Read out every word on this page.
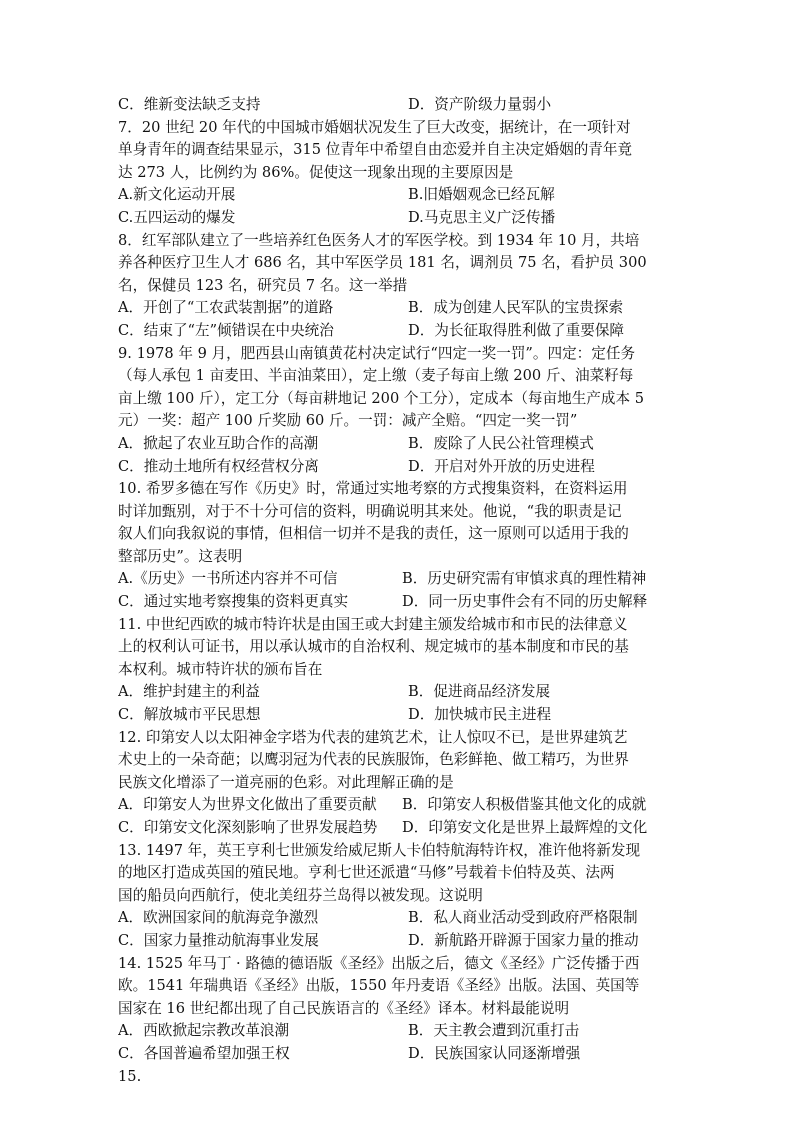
C．维新变法缺乏支持	D．资产阶级力量弱小
7．20 世纪 20 年代的中国城市婚姻状况发生了巨大改变，据统计，在一项针对
单身青年的调查结果显示，315 位青年中希望自由恋爱并自主决定婚姻的青年竟
达 273 人，比例约为 86%。促使这一现象出现的主要原因是
A.新文化运动开展	B.旧婚姻观念已经瓦解
C.五四运动的爆发	D.马克思主义广泛传播
8．红军部队建立了一些培养红色医务人才的军医学校。到 1934 年 10 月，共培
养各种医疗卫生人才 686 名，其中军医学员 181 名，调剂员 75 名，看护员 300
名，保健员 123 名，研究员 7 名。这一举措
A．开创了“工农武装割据”的道路	B．成为创建人民军队的宝贵探索
C．结束了“左”倾错误在中央统治	D．为长征取得胜利做了重要保障
9. 1978 年 9 月，肥西县山南镇黄花村决定试行“四定一奖一罚”。四定：定任务
（每人承包 1 亩麦田、半亩油菜田），定上缴（麦子每亩上缴 200 斤、油菜籽每
亩上缴 100 斤），定工分（每亩耕地记 200 个工分），定成本（每亩地生产成本 5
元）一奖：超产 100 斤奖励 60 斤。一罚：减产全赔。“四定一奖一罚”
A．掀起了农业互助合作的高潮	B．废除了人民公社管理模式
C．推动土地所有权经营权分离	D．开启对外开放的历史进程
10. 希罗多德在写作《历史》时，常通过实地考察的方式搜集资料，在资料运用
时详加甄别，对于不十分可信的资料，明确说明其来处。他说，“我的职责是记
叙人们向我叙说的事情，但相信一切并不是我的责任，这一原则可以适用于我的
整部历史”。这表明
A.《历史》一书所述内容并不可信	B．历史研究需有审慎求真的理性精神
C．通过实地考察搜集的资料更真实	D．同一历史事件会有不同的历史解释
11. 中世纪西欧的城市特许状是由国王或大封建主颁发给城市和市民的法律意义
上的权利认可证书，用以承认城市的自治权利、规定城市的基本制度和市民的基
本权利。城市特许状的颁布旨在
A．维护封建主的利益	B．促进商品经济发展
C．解放城市平民思想	D．加快城市民主进程
12. 印第安人以太阳神金字塔为代表的建筑艺术，让人惊叹不已，是世界建筑艺
术史上的一朵奇葩；以鹰羽冠为代表的民族服饰，色彩鲜艳、做工精巧，为世界
民族文化增添了一道亮丽的色彩。对此理解正确的是
A．印第安人为世界文化做出了重要贡献	B．印第安人积极借鉴其他文化的成就
C．印第安文化深刻影响了世界发展趋势	D．印第安文化是世界上最辉煌的文化
13. 1497 年，英王亨利七世颁发给威尼斯人卡伯特航海特许权，准许他将新发现
的地区打造成英国的殖民地。亨利七世还派遣“马修”号载着卡伯特及英、法两
国的船员向西航行，使北美纽芬兰岛得以被发现。这说明
A．欧洲国家间的航海竞争激烈	B．私人商业活动受到政府严格限制
C．国家力量推动航海事业发展	D．新航路开辟源于国家力量的推动
14. 1525 年马丁 · 路德的德语版《圣经》出版之后，德文《圣经》广泛传播于西
欧。1541 年瑞典语《圣经》出版，1550 年丹麦语《圣经》出版。法国、英国等
国家在 16 世纪都出现了自己民族语言的《圣经》译本。材料最能说明
A．西欧掀起宗教改革浪潮	B．天主教会遭到沉重打击
C．各国普遍希望加强王权	D．民族国家认同逐渐增强
15.
